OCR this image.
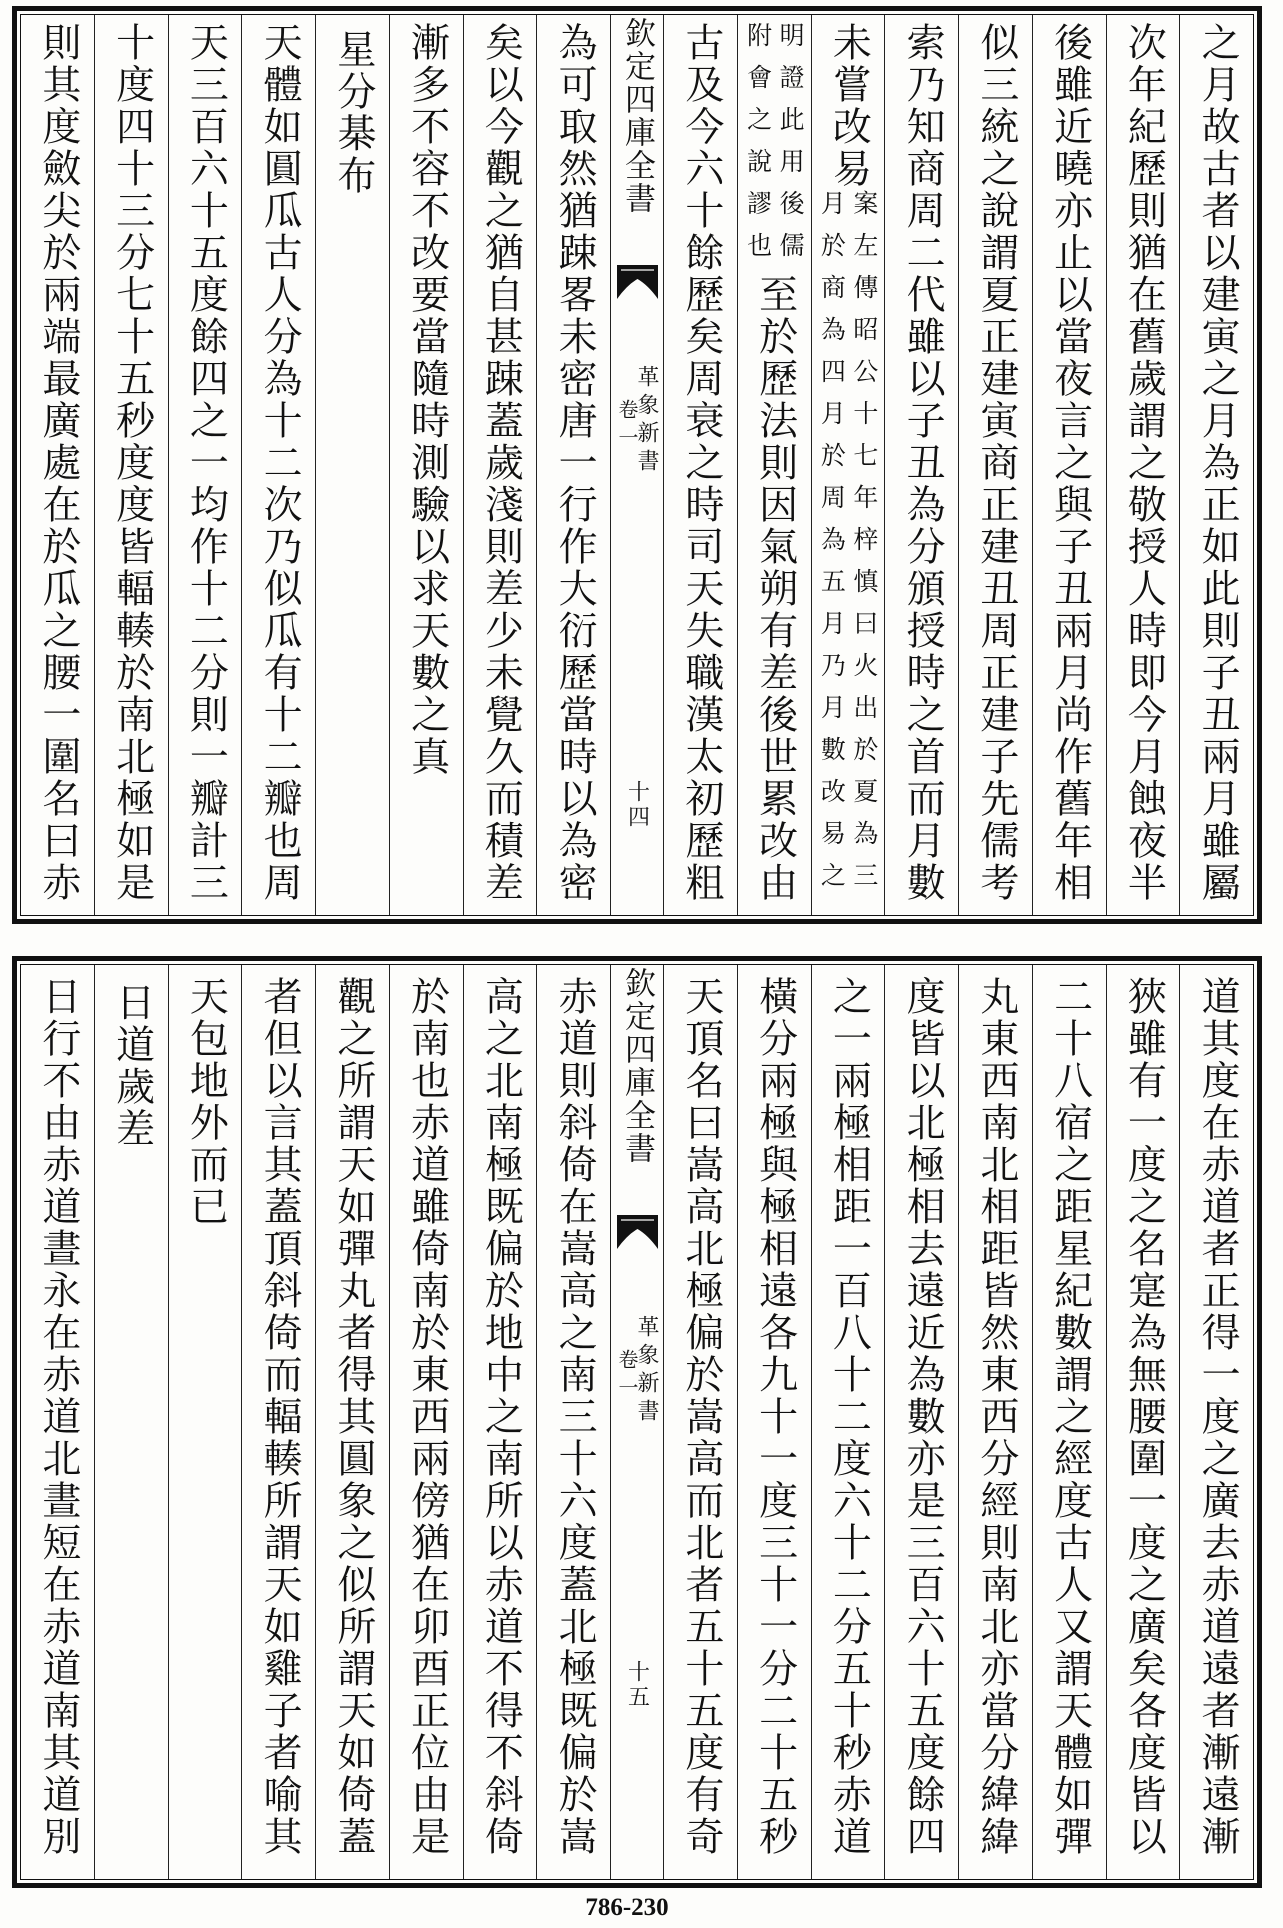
之月故古者以建寅之月為正如此則子丑兩月雖屬
次年紀歷則猶在舊歲謂之敬授人時即今月蝕夜半
後雖近曉亦止以當夜言之與子丑兩月尚作舊年相
似三統之說謂夏正建寅商正建丑周正建子先儒考
索乃知商周二代雖以子丑為分頒授時之首而月數
未嘗改易
案左傳昭公十七年梓慎曰火出於夏為三
月於商為四月於周為五月乃月數改易之
明證此用後儒
附會之說謬也
至於歷法則因氣朔有差後世累改由
古及今六十餘歷矣周衰之時司天失職漢太初歷粗
欽定四庫全書
革象新書
卷一
十四
為可取然猶踈畧未密唐一行作大衍歷當時以為密
矣以今觀之猶自甚踈蓋歲淺則差少未覺久而積差
漸多不容不改要當隨時測驗以求天數之真
星分棊布
天體如圓瓜古人分為十二次乃似瓜有十二瓣也周
天三百六十五度餘四之一均作十二分則一瓣計三
十度四十三分七十五秒度度皆輻輳於南北極如是
則其度斂尖於兩端最廣處在於瓜之腰一圍名曰赤
道其度在赤道者正得一度之廣去赤道遠者漸遠漸
狹雖有一度之名寔為無腰圍一度之廣矣各度皆以
二十八宿之距星紀數謂之經度古人又謂天體如彈
丸東西南北相距皆然東西分經則南北亦當分緯緯
度皆以北極相去遠近為數亦是三百六十五度餘四
之一兩極相距一百八十二度六十二分五十秒赤道
橫分兩極與極相遠各九十一度三十一分二十五秒
天頂名曰嵩高北極偏於嵩高而北者五十五度有奇
欽定四庫全書
革象新書
卷一
十五
赤道則斜倚在嵩高之南三十六度蓋北極既偏於嵩
高之北南極既偏於地中之南所以赤道不得不斜倚
於南也赤道雖倚南於東西兩傍猶在卯酉正位由是
觀之所謂天如彈丸者得其圓象之似所謂天如倚蓋
者但以言其蓋頂斜倚而輻輳所謂天如雞子者喻其
天包地外而已
日道歲差
日行不由赤道晝永在赤道北晝短在赤道南其道別
786-230
